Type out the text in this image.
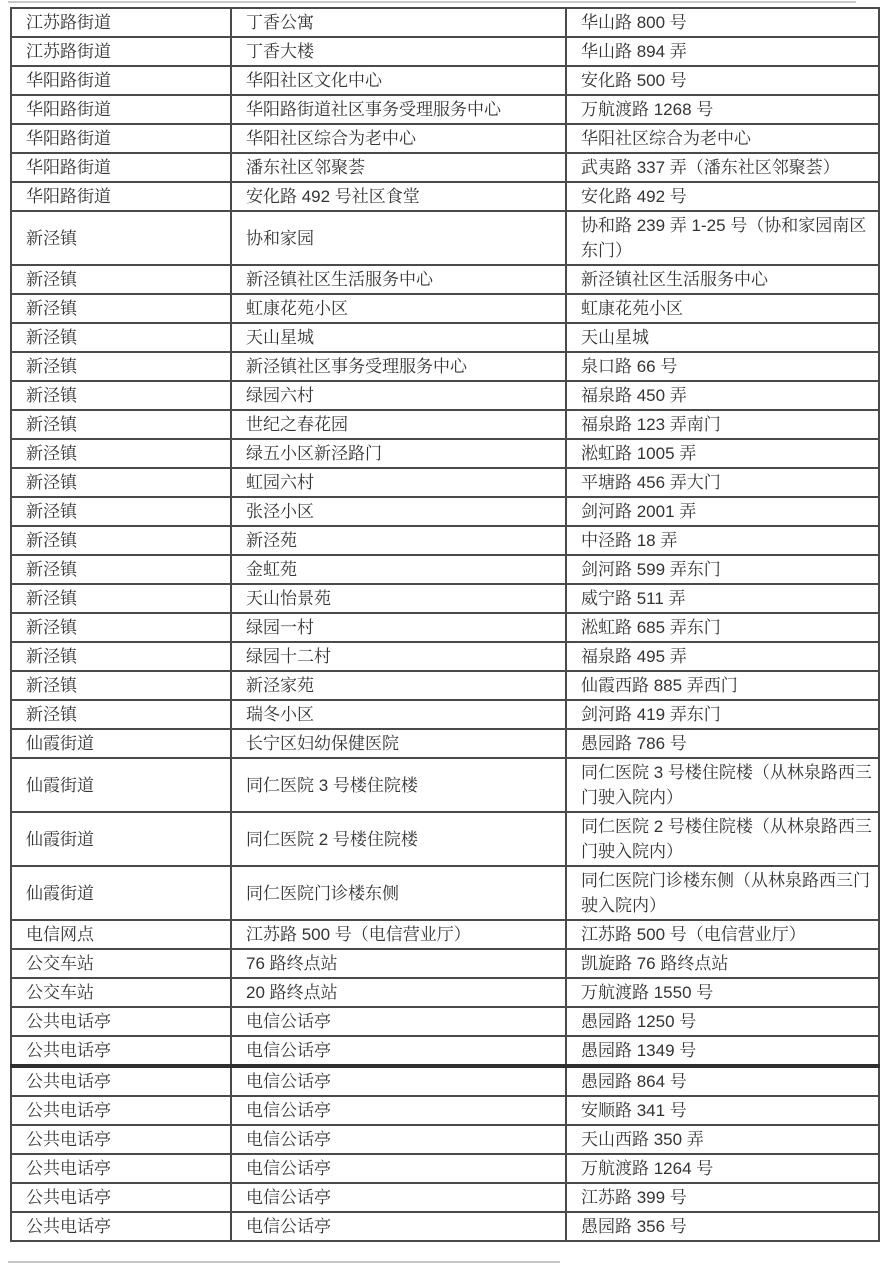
江苏路街道	丁香公寓	华山路 800 号
江苏路街道	丁香大楼	华山路 894 弄
华阳路街道	华阳社区文化中心	安化路 500 号
华阳路街道	华阳路街道社区事务受理服务中心	万航渡路 1268 号
华阳路街道	华阳社区综合为老中心	华阳社区综合为老中心
华阳路街道	潘东社区邻聚荟	武夷路 337 弄（潘东社区邻聚荟）
华阳路街道	安化路 492 号社区食堂	安化路 492 号
新泾镇	协和家园	协和路 239 弄 1-25 号（协和家园南区东门）
新泾镇	新泾镇社区生活服务中心	新泾镇社区生活服务中心
新泾镇	虹康花苑小区	虹康花苑小区
新泾镇	天山星城	天山星城
新泾镇	新泾镇社区事务受理服务中心	泉口路 66 号
新泾镇	绿园六村	福泉路 450 弄
新泾镇	世纪之春花园	福泉路 123 弄南门
新泾镇	绿五小区新泾路门	淞虹路 1005 弄
新泾镇	虹园六村	平塘路 456 弄大门
新泾镇	张泾小区	剑河路 2001 弄
新泾镇	新泾苑	中泾路 18 弄
新泾镇	金虹苑	剑河路 599 弄东门
新泾镇	天山怡景苑	威宁路 511 弄
新泾镇	绿园一村	淞虹路 685 弄东门
新泾镇	绿园十二村	福泉路 495 弄
新泾镇	新泾家苑	仙霞西路 885 弄西门
新泾镇	瑞冬小区	剑河路 419 弄东门
仙霞街道	长宁区妇幼保健医院	愚园路 786 号
仙霞街道	同仁医院 3 号楼住院楼	同仁医院 3 号楼住院楼（从林泉路西三门驶入院内）
仙霞街道	同仁医院 2 号楼住院楼	同仁医院 2 号楼住院楼（从林泉路西三门驶入院内）
仙霞街道	同仁医院门诊楼东侧	同仁医院门诊楼东侧（从林泉路西三门驶入院内）
电信网点	江苏路 500 号（电信营业厅）	江苏路 500 号（电信营业厅）
公交车站	76 路终点站	凯旋路 76 路终点站
公交车站	20 路终点站	万航渡路 1550 号
公共电话亭	电信公话亭	愚园路 1250 号
公共电话亭	电信公话亭	愚园路 1349 号
公共电话亭	电信公话亭	愚园路 864 号
公共电话亭	电信公话亭	安顺路 341 号
公共电话亭	电信公话亭	天山西路 350 弄
公共电话亭	电信公话亭	万航渡路 1264 号
公共电话亭	电信公话亭	江苏路 399 号
公共电话亭	电信公话亭	愚园路 356 号
